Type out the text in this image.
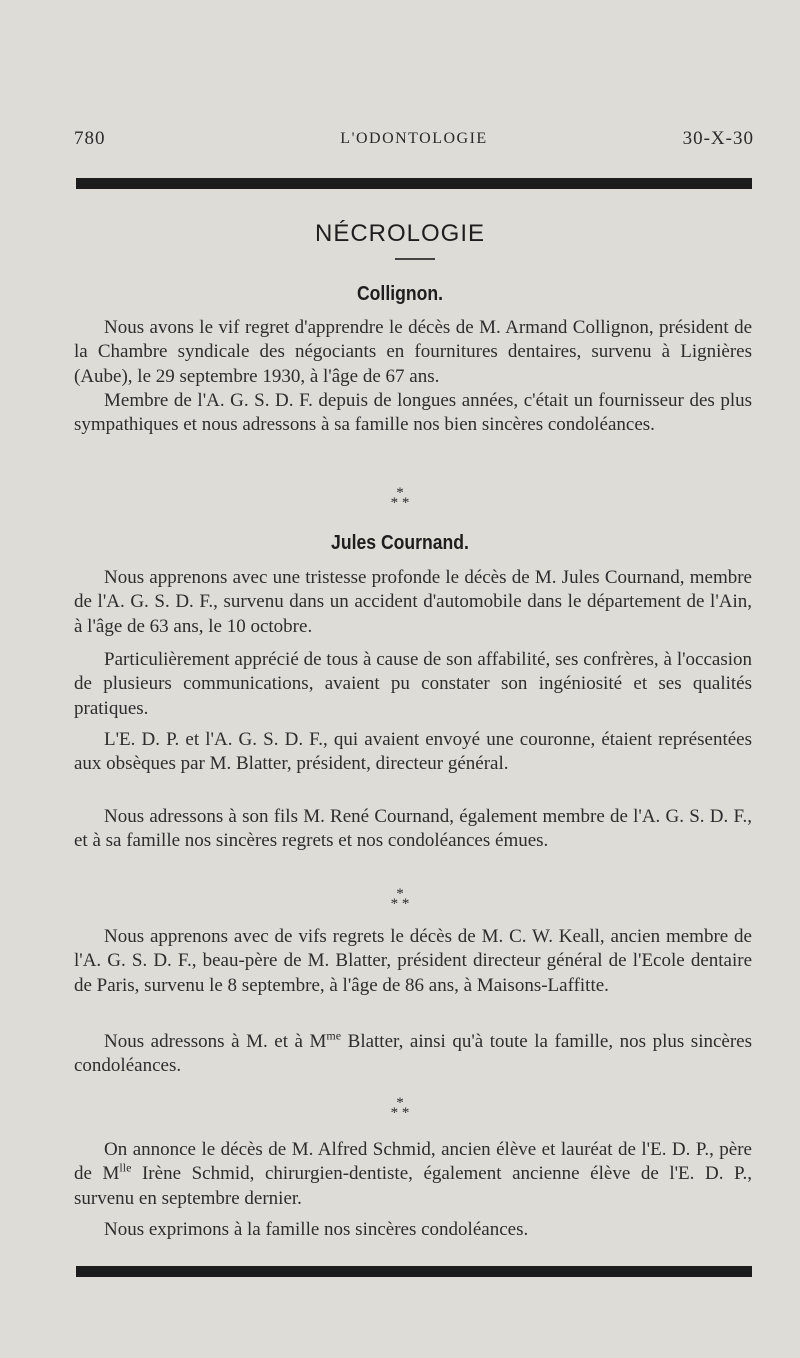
780	L'ODONTOLOGIE	30-X-30
NÉCROLOGIE
Collignon.

Nous avons le vif regret d'apprendre le décès de M. Armand Collignon, président de la Chambre syndicale des négociants en fournitures dentaires, survenu à Lignières (Aube), le 29 septembre 1930, à l'âge de 67 ans.

Membre de l'A. G. S. D. F. depuis de longues années, c'était un fournisseur des plus sympathiques et nous adressons à sa famille nos bien sincères condoléances.

*
* *
Jules Cournand.

Nous apprenons avec une tristesse profonde le décès de M. Jules Cournand, membre de l'A. G. S. D. F., survenu dans un accident d'automobile dans le département de l'Ain, à l'âge de 63 ans, le 10 octobre.

Particulièrement apprécié de tous à cause de son affabilité, ses confrères, à l'occasion de plusieurs communications, avaient pu constater son ingéniosité et ses qualités pratiques.

L'E. D. P. et l'A. G. S. D. F., qui avaient envoyé une couronne, étaient représentées aux obsèques par M. Blatter, président, directeur général.

Nous adressons à son fils M. René Cournand, également membre de l'A. G. S. D. F., et à sa famille nos sincères regrets et nos condoléances émues.

*
* *

Nous apprenons avec de vifs regrets le décès de M. C. W. Keall, ancien membre de l'A. G. S. D. F., beau-père de M. Blatter, président directeur général de l'Ecole dentaire de Paris, survenu le 8 septembre, à l'âge de 86 ans, à Maisons-Laffitte.

Nous adressons à M. et à $M^{me}$ Blatter, ainsi qu'à toute la famille, nos plus sincères condoléances.

*
* *

On annonce le décès de M. Alfred Schmid, ancien élève et lauréat de l'E. D. P., père de $M^{lle}$ Irène Schmid, chirurgien-dentiste, également ancienne élève de l'E. D. P., survenu en septembre dernier.

Nous exprimons à la famille nos sincères condoléances.
